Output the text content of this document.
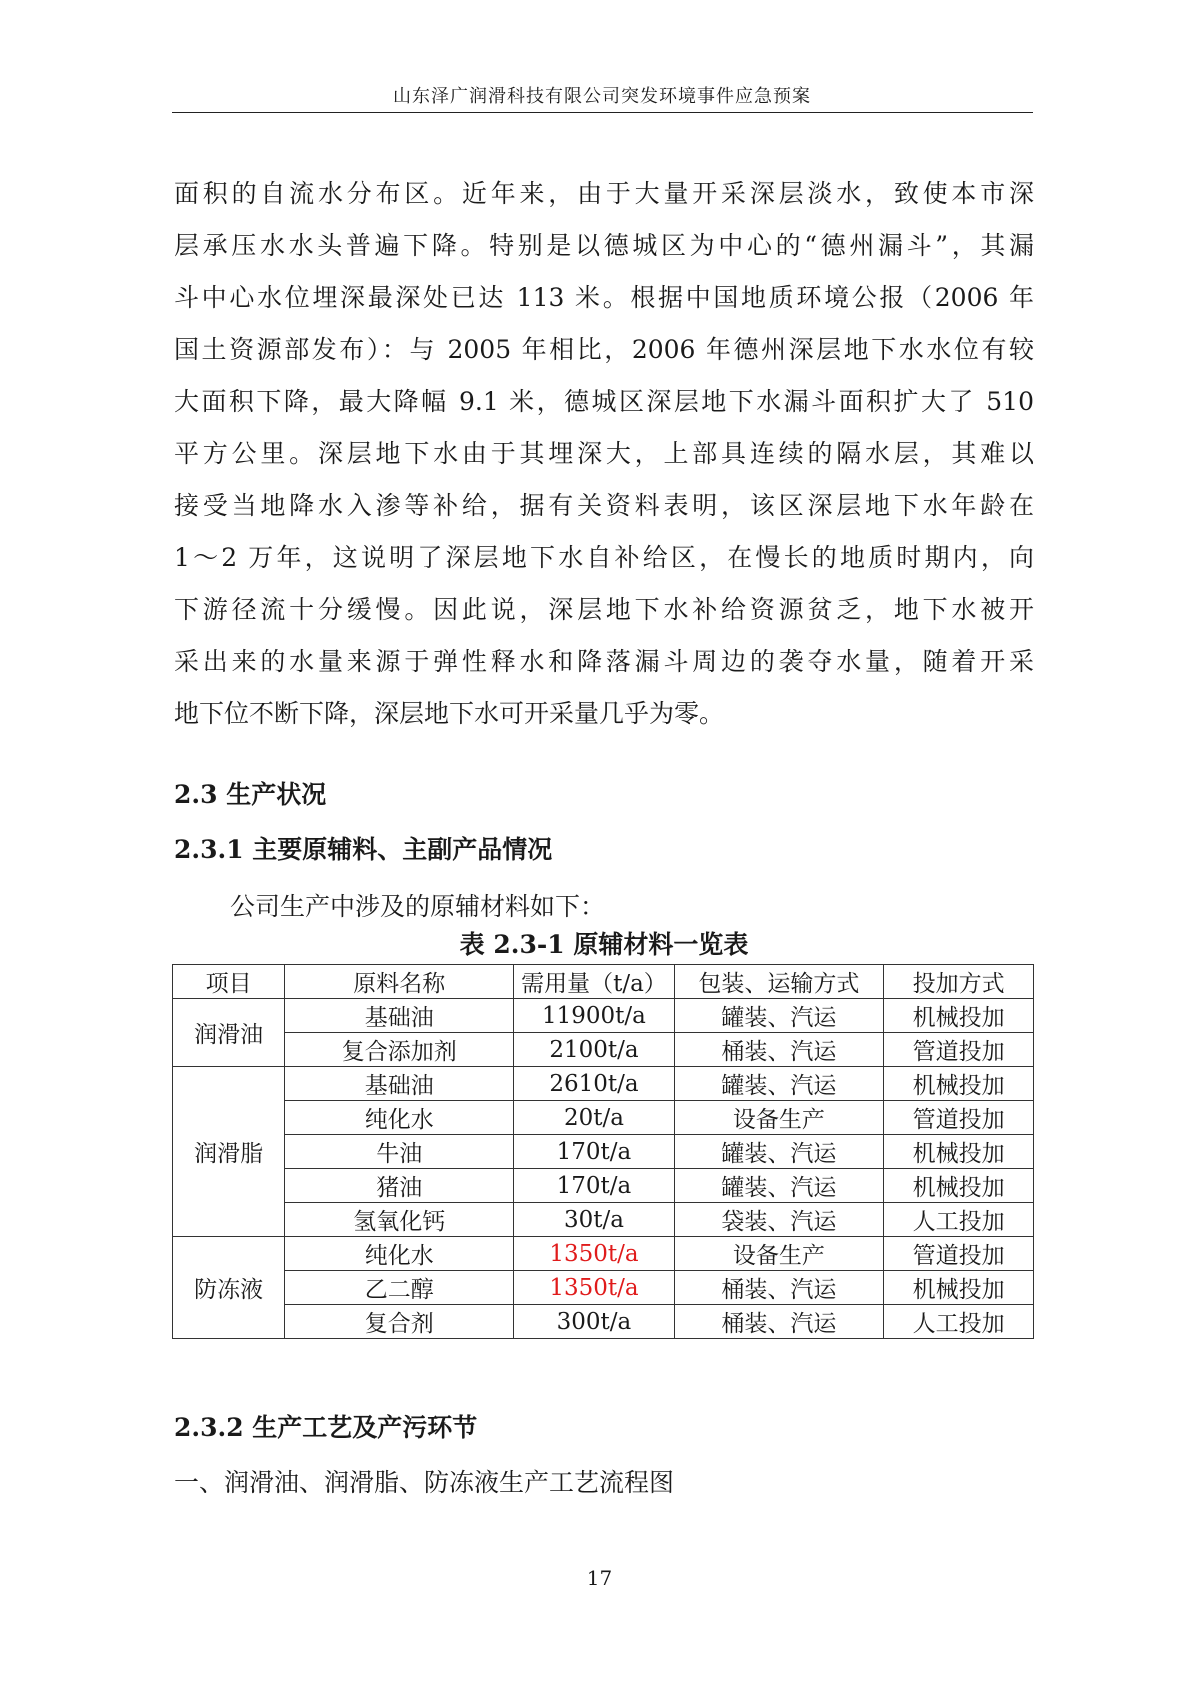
山东泽广润滑科技有限公司突发环境事件应急预案
面积的自流水分布区。近年来，由于大量开采深层淡水，致使本市深
层承压水水头普遍下降。特别是以德城区为中心的“德州漏斗”，其漏
斗中心水位埋深最深处已达 113 米。根据中国地质环境公报（2006 年
国土资源部发布）：与 2005 年相比，2006 年德州深层地下水水位有较
大面积下降，最大降幅 9.1 米，德城区深层地下水漏斗面积扩大了 510
平方公里。深层地下水由于其埋深大，上部具连续的隔水层，其难以
接受当地降水入渗等补给，据有关资料表明，该区深层地下水年龄在
1～2 万年，这说明了深层地下水自补给区，在慢长的地质时期内，向
下游径流十分缓慢。因此说，深层地下水补给资源贫乏，地下水被开
采出来的水量来源于弹性释水和降落漏斗周边的袭夺水量，随着开采
地下位不断下降，深层地下水可开采量几乎为零。
2.3 生产状况
2.3.1 主要原辅料、主副产品情况
公司生产中涉及的原辅材料如下：
表 2.3-1 原辅材料一览表
项目	原料名称	需用量（t/a）	包装、运输方式	投加方式
润滑油	基础油	11900t/a	罐装、汽运	机械投加
	复合添加剂	2100t/a	桶装、汽运	管道投加
润滑脂	基础油	2610t/a	罐装、汽运	机械投加
	纯化水	20t/a	设备生产	管道投加
	牛油	170t/a	罐装、汽运	机械投加
	猪油	170t/a	罐装、汽运	机械投加
	氢氧化钙	30t/a	袋装、汽运	人工投加
防冻液	纯化水	1350t/a	设备生产	管道投加
	乙二醇	1350t/a	桶装、汽运	机械投加
	复合剂	300t/a	桶装、汽运	人工投加
2.3.2 生产工艺及产污环节
一、润滑油、润滑脂、防冻液生产工艺流程图
17
